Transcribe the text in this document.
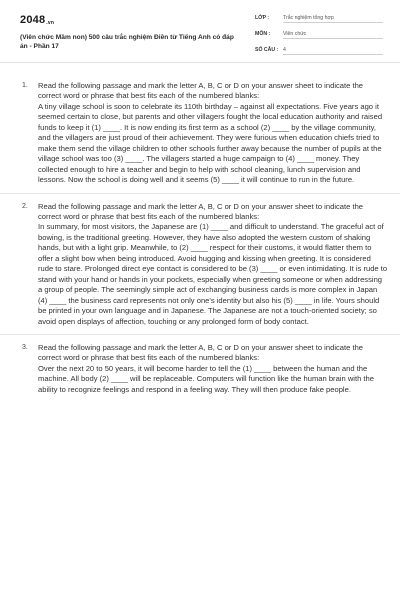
2048.vn
(Viên chức Mầm non) 500 câu trắc nghiệm Điền từ Tiếng Anh có đáp án - Phần 17
LỚP :	Trắc nghiệm tổng hợp
MÔN : Viên chức
SỐ CÂU : 4
1. Read the following passage and mark the letter A, B, C or D on your answer sheet to indicate the correct word or phrase that best fits each of the numbered blanks:

A tiny village school is soon to celebrate its 110th birthday – against all expectations. Five years ago it seemed certain to close, but parents and other villagers fought the local education authority and raised funds to keep it (1) ____. It is now ending its first term as a school (2) ____ by the village community, and the villagers are just proud of their achievement. They were furious when education chiefs tried to make them send the village children to other schools further away because the number of pupils at the village school was too (3) ____. The villagers started a huge campaign to (4) ____ money. They collected enough to hire a teacher and begin to help with school cleaning, lunch supervision and lessons. Now the school is doing well and it seems (5) ____ it will continue to run in the future.

2. Read the following passage and mark the letter A, B, C or D on your answer sheet to indicate the correct word or phrase that best fits each of the numbered blanks:

In summary, for most visitors, the Japanese are (1) ____ and difficult to understand. The graceful act of bowing, is the traditional greeting. However, they have also adopted the western custom of shaking hands, but with a light grip. Meanwhile, to (2) ____ respect for their customs, it would flatter them to offer a slight bow when being introduced. Avoid hugging and kissing when greeting. It is considered rude to stare. Prolonged direct eye contact is considered to be (3) ____ or even intimidating. It is rude to stand with your hand or hands in your pockets, especially when greeting someone or when addressing a group of people. The seemingly simple act of exchanging business cards is more complex in Japan (4) ____ the business card represents not only one's identity but also his (5) ____ in life. Yours should be printed in your own language and in Japanese. The Japanese are not a touch-oriented society; so avoid open displays of affection, touching or any prolonged form of body contact.

3. Read the following passage and mark the letter A, B, C or D on your answer sheet to indicate the correct word or phrase that best fits each of the numbered blanks:

Over the next 20 to 50 years, it will become harder to tell the (1) ____ between the human and the machine. All body (2) ____ will be replaceable. Computers will function like the human brain with the ability to recognize feelings and respond in a feeling way. They will then produce fake people.
